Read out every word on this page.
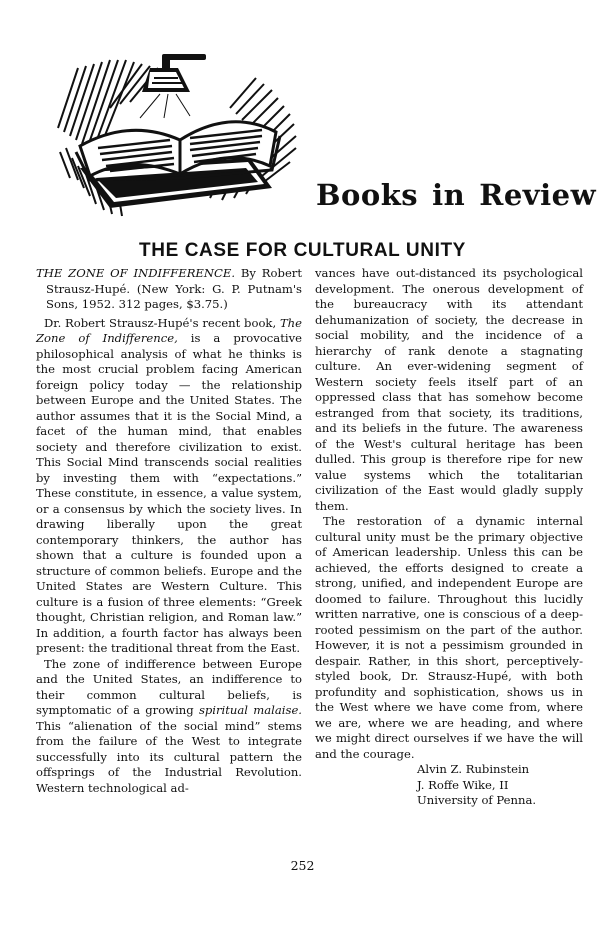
Books in Review
THE CASE FOR CULTURAL UNITY

THE ZONE OF INDIFFERENCE. By Robert Strausz-Hupé. (New York: G. P. Putnam's Sons, 1952. 312 pages, $3.75.)

Dr. Robert Strausz-Hupé's recent book, The Zone of Indifference, is a provocative philosophical analysis of what he thinks is the most crucial problem facing American foreign policy today — the relationship between Europe and the United States. The author assumes that it is the Social Mind, a facet of the human mind, that enables society and therefore civilization to exist. This Social Mind transcends social realities by investing them with “expectations.” These constitute, in essence, a value system, or a consensus by which the society lives. In drawing liberally upon the great contemporary thinkers, the author has shown that a culture is founded upon a structure of common beliefs. Europe and the United States are Western Culture. This culture is a fusion of three elements: “Greek thought, Christian religion, and Roman law.” In addition, a fourth factor has always been present: the traditional threat from the East.

The zone of indifference between Europe and the United States, an indifference to their common cultural beliefs, is symptomatic of a growing spiritual malaise. This “alienation of the social mind” stems from the failure of the West to integrate successfully into its cultural pattern the offsprings of the Industrial Revolution. Western technological ad-

vances have out-distanced its psychological development. The onerous development of the bureaucracy with its attendant dehumanization of society, the decrease in social mobility, and the incidence of a hierarchy of rank denote a stagnating culture. An ever-widening segment of Western society feels itself part of an oppressed class that has somehow become estranged from that society, its traditions, and its beliefs in the future. The awareness of the West's cultural heritage has been dulled. This group is therefore ripe for new value systems which the totalitarian civilization of the East would gladly supply them.

The restoration of a dynamic internal cultural unity must be the primary objective of American leadership. Unless this can be achieved, the efforts designed to create a strong, unified, and independent Europe are doomed to failure. Throughout this lucidly written narrative, one is conscious of a deep-rooted pessimism on the part of the author. However, it is not a pessimism grounded in despair. Rather, in this short, perceptively-styled book, Dr. Strausz-Hupé, with both profundity and sophistication, shows us in the West where we have come from, where we are, where we are heading, and where we might direct ourselves if we have the will and the courage.

Alvin Z. Rubinstein

J. Roffe Wike, II

University of Penna.

252
